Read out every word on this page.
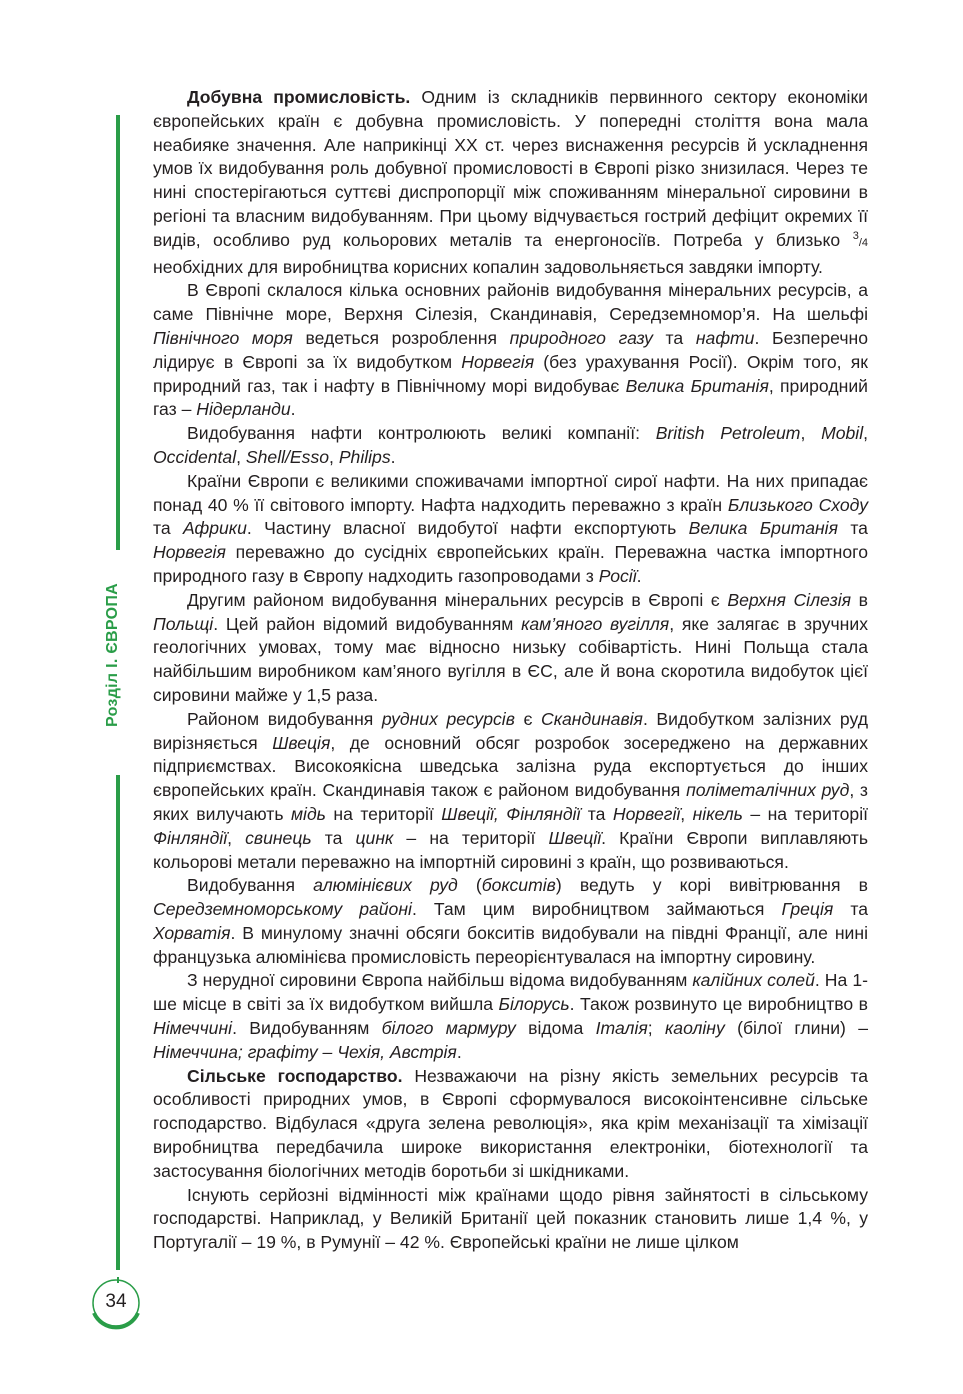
Розділ І. ЄВРОПА
34

Добувна промисловість. Одним із складників первинного сектору економіки європейських країн є добувна промисловість. У попередні століття вона мала неабияке значення. Але наприкінці XX ст. через виснаження ресурсів й ускладнення умов їх видобування роль добувної промисловості в Європі різко знизилася. Через те нині спостерігаються суттєві диспропорції між споживанням мінеральної сировини в регіоні та власним видобуванням. При цьому відчувається гострий дефіцит окремих її видів, особливо руд кольорових металів та енергоносіїв. Потреба у близько 3/4 необхідних для виробництва корисних копалин задовольняється завдяки імпорту.

В Європі склалося кілька основних районів видобування мінеральних ресурсів, а саме Північне море, Верхня Сілезія, Скандинавія, Середземномор’я. На шельфі Північного моря ведеться розроблення природного газу та нафти. Безперечно лідирує в Європі за їх видобутком Норвегія (без урахування Росії). Окрім того, як природний газ, так і нафту в Північному морі видобуває Велика Британія, природний газ – Нідерланди.

Видобування нафти контролюють великі компанії: British Petroleum, Mobil, Occidental, Shell/Esso, Philips.

Країни Європи є великими споживачами імпортної сирої нафти. На них припадає понад 40 % її світового імпорту. Нафта надходить переважно з країн Близького Сходу та Африки. Частину власної видобутої нафти експортують Велика Британія та Норвегія переважно до сусідніх європейських країн. Переважна частка імпортного природного газу в Європу надходить газопроводами з Росії.

Другим районом видобування мінеральних ресурсів в Європі є Верхня Сілезія в Польщі. Цей район відомий видобуванням кам’яного вугілля, яке залягає в зручних геологічних умовах, тому має відносно низьку собівартість. Нині Польща стала найбільшим виробником кам’яного вугілля в ЄС, але й вона скоротила видобуток цієї сировини майже у 1,5 раза.

Районом видобування рудних ресурсів є Скандинавія. Видобутком залізних руд вирізняється Швеція, де основний обсяг розробок зосереджено на державних підприємствах. Високоякісна шведська залізна руда експортується до інших європейських країн. Скандинавія також є районом видобування поліметалічних руд, з яких вилучають мідь на території Швеції, Фінляндії та Норвегії, нікель – на території Фінляндії, свинець та цинк – на території Швеції. Країни Європи виплавляють кольорові метали переважно на імпортній сировині з країн, що розвиваються.

Видобування алюмінієвих руд (бокситів) ведуть у корі вивітрювання в Середземноморському районі. Там цим виробництвом займаються Греція та Хорватія. В минулому значні обсяги бокситів видобували на півдні Франції, але нині французька алюмінієва промисловість переорієнтувалася на імпортну сировину.

З нерудної сировини Європа найбільш відома видобуванням калійних солей. На 1-ше місце в світі за їх видобутком вийшла Білорусь. Також розвинуто це виробництво в Німеччині. Видобуванням білого мармуру відома Італія; каоліну (білої глини) – Німеччина; графіту – Чехія, Австрія.

Сільське господарство. Незважаючи на різну якість земельних ресурсів та особливості природних умов, в Європі сформувалося високоінтенсивне сільське господарство. Відбулася «друга зелена революція», яка крім механізації та хімізації виробництва передбачила широке використання електроніки, біотехнології та застосування біологічних методів боротьби зі шкідниками.

Існують серйозні відмінності між країнами щодо рівня зайнятості в сільському господарстві. Наприклад, у Великій Британії цей показник становить лише 1,4 %, у Португалії – 19 %, в Румунії – 42 %. Європейські країни не лише цілком
